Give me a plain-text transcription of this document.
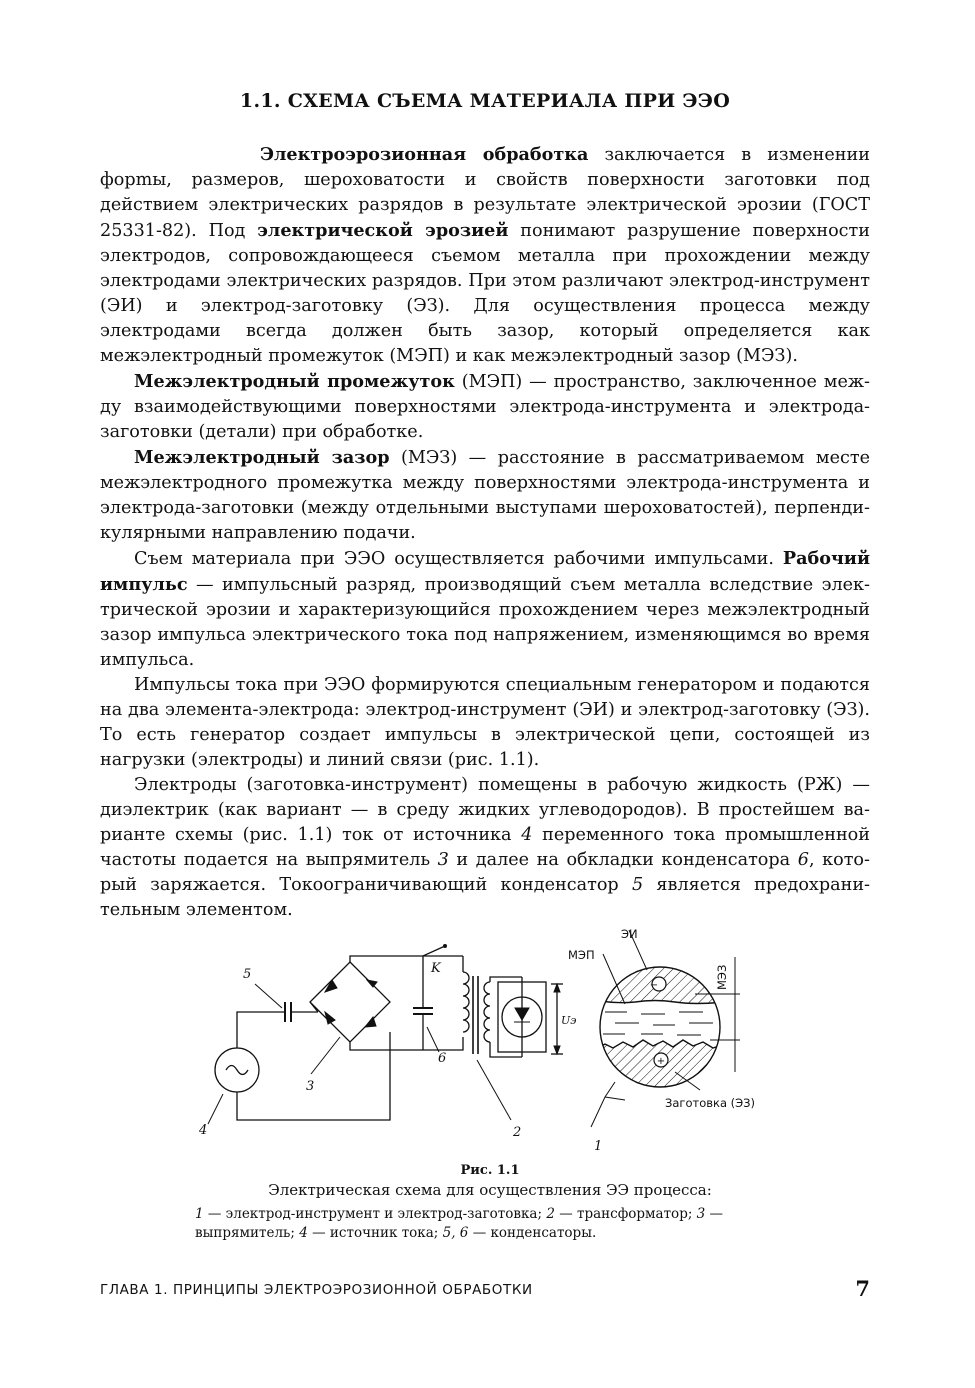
1.1. СХЕМА СЪЕМА МАТЕРИАЛА ПРИ ЭЭО

Электроэрозионная обработка заключается в изменении форmы, размеров, шероховатости и свойств поверхности заготовки под действием электрических разрядов в результате электрической эрозии (ГОСТ 25331-82). Под электрической эрозией понимают разрушение поверхности электродов, сопровождающееся съемом металла при прохождении между электродами электрических разрядов. При этом различают электрод-инструмент (ЭИ) и электрод-заготовку (ЭЗ). Для осуществления процесса между электродами всегда должен быть зазор, который определяется как межэлектродный промежуток (МЭП) и как межэлектродный зазор (МЭЗ).

Межэлектродный промежуток (МЭП) — пространство, заключенное между взаимодействующими поверхностями электрода-инструмента и электрода-заготовки (детали) при обработке.

Межэлектродный зазор (МЭЗ) — расстояние в рассматриваемом месте межэлектродного промежутка между поверхностями электрода-инструмента и электрода-заготовки (между отдельными выступами шероховатостей), перпендикулярными направлению подачи.

Съем материала при ЭЭО осуществляется рабочими импульсами. Рабочий импульс — импульсный разряд, производящий съем металла вследствие электрической эрозии и характеризующийся прохождением через межэлектродный зазор импульса электрического тока под напряжением, изменяющимся во время импульса.

Импульсы тока при ЭЭО формируются специальным генератором и подаются на два элемента-электрода: электрод-инструмент (ЭИ) и электрод-заготовку (ЭЗ). То есть генератор создает импульсы в электрической цепи, состоящей из нагрузки (электроды) и линий связи (рис. 1.1).

Электроды (заготовка-инструмент) помещены в рабочую жидкость (РЖ) — диэлектрик (как вариант — в среду жидких углеводородов). В простейшем варианте схемы (рис. 1.1) ток от источника 4 переменного тока промышленной частоты подается на выпрямитель 3 и далее на обкладки конденсатора 6, который заряжается. Токоограничивающий конденсатор 5 является предохранительным элементом.

5
3
4
6
K
2
1
Uэ
ЭИ
МЭП
МЭЗ
−
+
Заготовка (ЭЗ)
Рис. 1.1
Электрическая схема для осуществления ЭЭ процесса:
1 — электрод-инструмент и электрод-заготовка; 2 — трансформатор; 3 — выпрямитель; 4 — источник тока; 5, 6 — конденсаторы.
ГЛАВА 1. ПРИНЦИПЫ ЭЛЕКТРОЭРОЗИОННОЙ ОБРАБОТКИ	7
